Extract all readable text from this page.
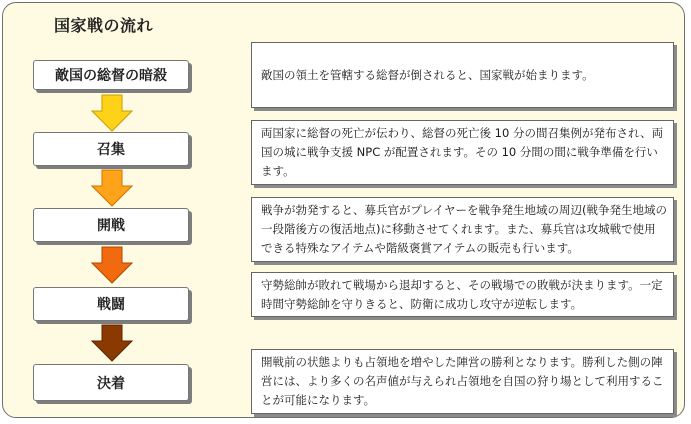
国家戦の流れ
敵国の総督の暗殺
召集
開戦
戦闘
決着
敵国の領土を管轄する総督が倒されると、国家戦が始まります。
両国家に総督の死亡が伝わり、総督の死亡後 10 分の間召集例が発布され、両国の城に戦争支援 NPC が配置されます。その 10 分間の間に戦争準備を行います。
戦争が勃発すると、募兵官がプレイヤーを戦争発生地域の周辺(戦争発生地域の一段階後方の復活地点)に移動させてくれます。また、募兵官は攻城戦で使用できる特殊なアイテムや階級褒賞アイテムの販売も行います。
守勢総帥が敗れて戦場から退却すると、その戦場での敗戦が決まります。一定時間守勢総帥を守りきると、防衛に成功し攻守が逆転します。
開戦前の状態よりも占領地を増やした陣営の勝利となります。勝利した側の陣営には、より多くの名声値が与えられ占領地を自国の狩り場として利用することが可能になります。
